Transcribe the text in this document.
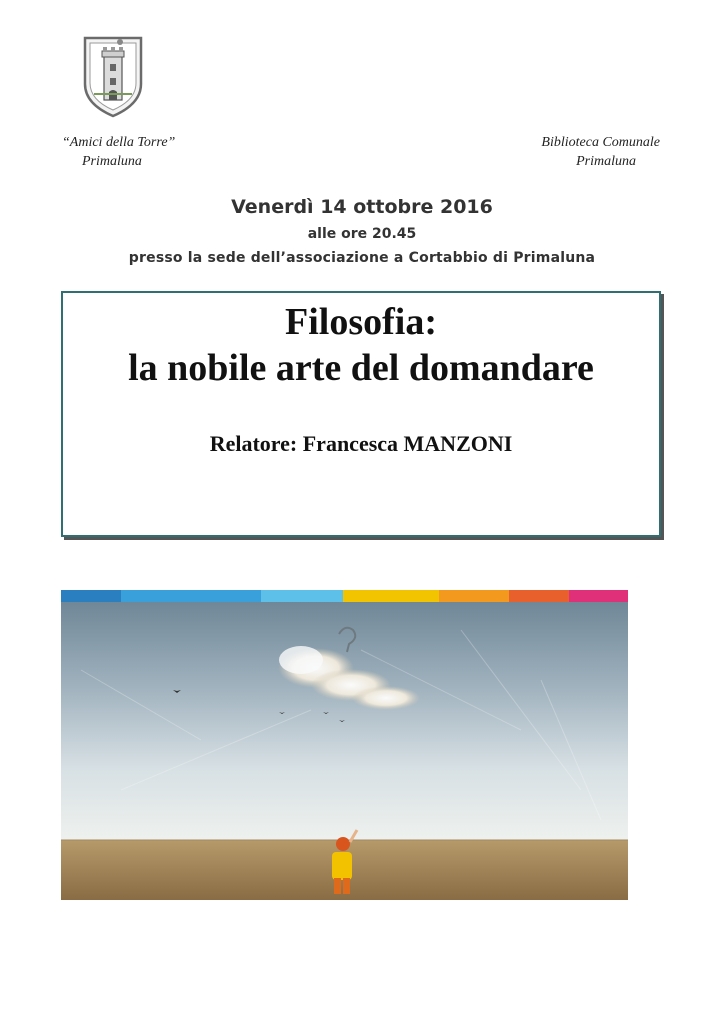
“Amici della Torre”
Primaluna
Biblioteca Comunale
Primaluna
Venerdì 14 ottobre 2016
alle ore 20.45
presso la sede dell’associazione a Cortabbio di Primaluna
Filosofia:
la nobile arte del domandare
Relatore: Francesca MANZONI
